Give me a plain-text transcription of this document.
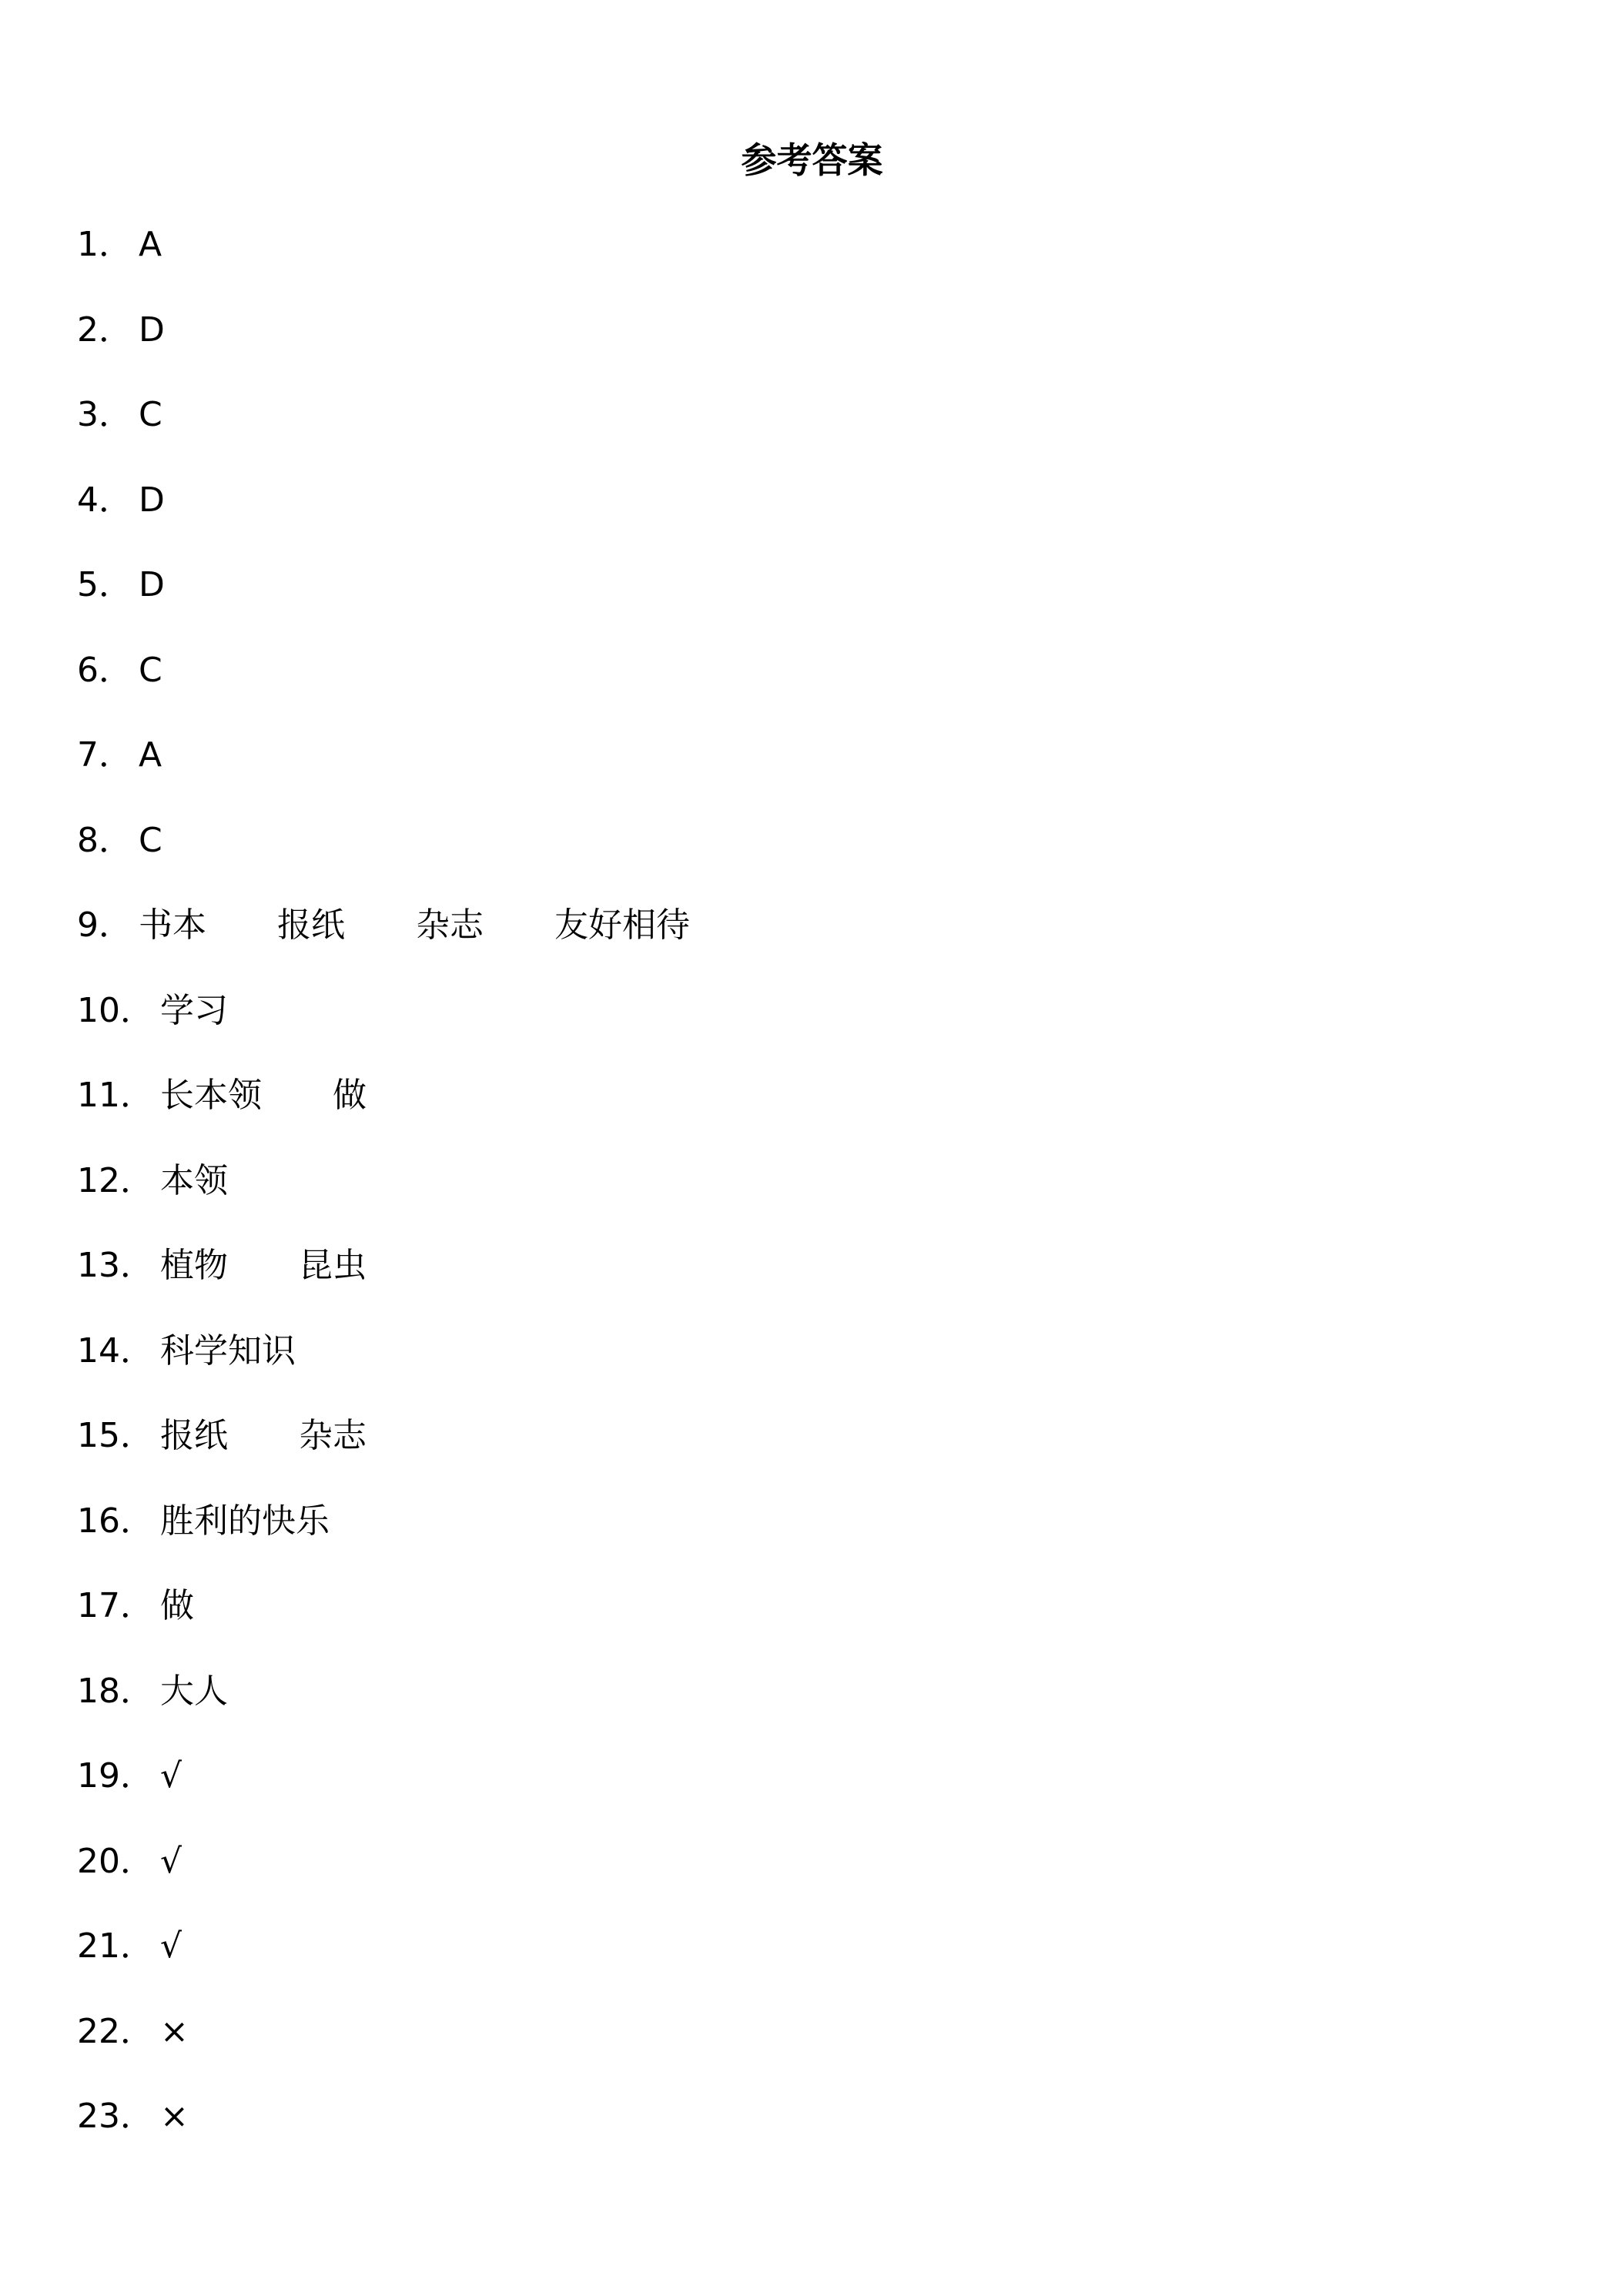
参考答案
1 ． A
2 ． D
3 ． C
4 ． D
5 ． D
6 ． C
7 ． A
8 ． C
9 ． 书本 报纸 杂志 友好相待
10 ． 学习
11 ． 长本领 做
12 ． 本领
13 ． 植物 昆虫
14 ． 科学知识
15 ． 报纸 杂志
16 ． 胜利的快乐
17 ． 做
18 ． 大人
19 ． √
20 ． √
21 ． √
22 ． ×
23 ． ×
